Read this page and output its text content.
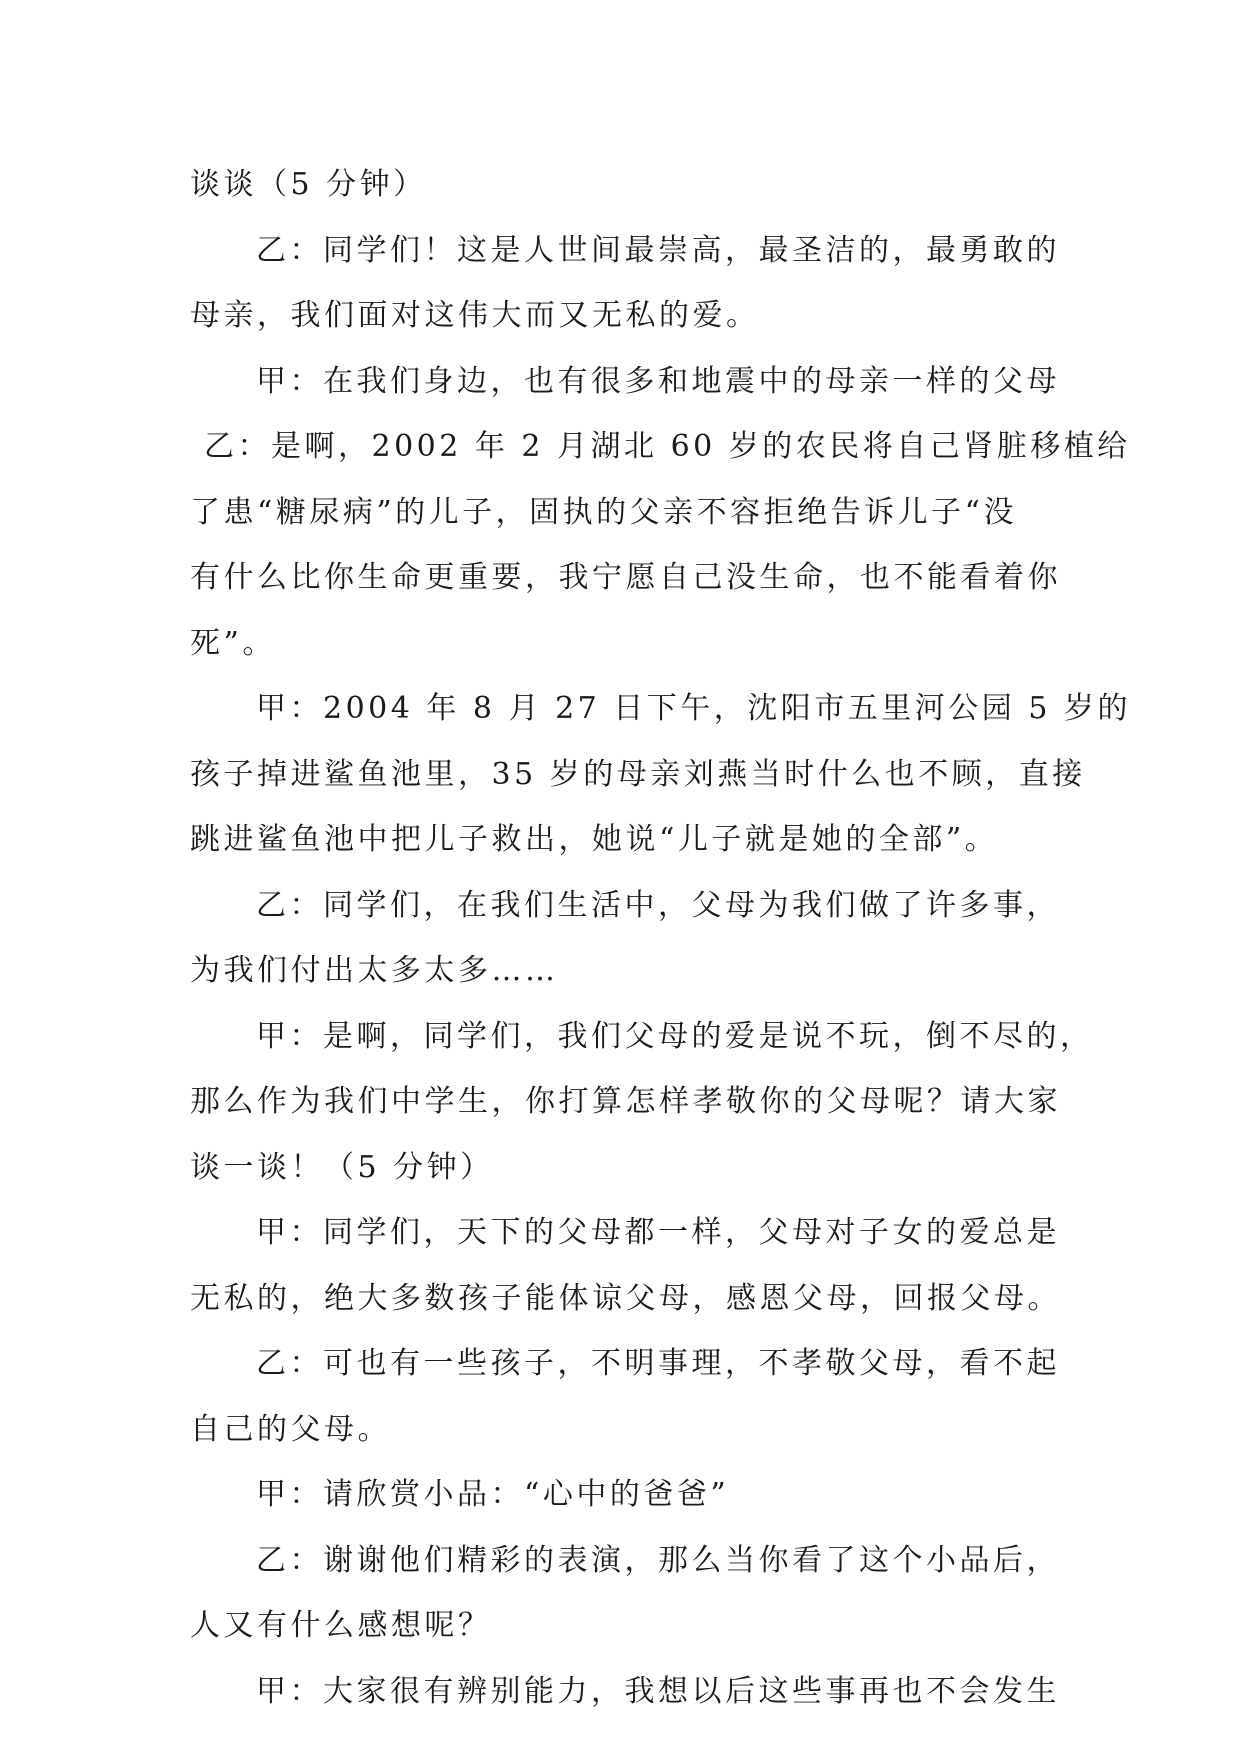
谈谈（5 分钟）
乙：同学们！这是人世间最崇高，最圣洁的，最勇敢的
母亲，我们面对这伟大而又无私的爱。
甲：在我们身边，也有很多和地震中的母亲一样的父母
乙：是啊，2002 年 2 月湖北 60 岁的农民将自己肾脏移植给
了患“糖尿病”的儿子，固执的父亲不容拒绝告诉儿子“没
有什么比你生命更重要，我宁愿自己没生命，也不能看着你
死”。
甲：2004 年 8 月 27 日下午，沈阳市五里河公园 5 岁的
孩子掉进鲨鱼池里，35 岁的母亲刘燕当时什么也不顾，直接
跳进鲨鱼池中把儿子救出，她说“儿子就是她的全部”。
乙：同学们，在我们生活中，父母为我们做了许多事，
为我们付出太多太多……
甲：是啊，同学们，我们父母的爱是说不玩，倒不尽的，
那么作为我们中学生，你打算怎样孝敬你的父母呢？请大家
谈一谈！（5 分钟）
甲：同学们，天下的父母都一样，父母对子女的爱总是
无私的，绝大多数孩子能体谅父母，感恩父母，回报父母。
乙：可也有一些孩子，不明事理，不孝敬父母，看不起
自己的父母。
甲：请欣赏小品：“心中的爸爸”
乙：谢谢他们精彩的表演，那么当你看了这个小品后，
人又有什么感想呢？
甲：大家很有辨别能力，我想以后这些事再也不会发生
